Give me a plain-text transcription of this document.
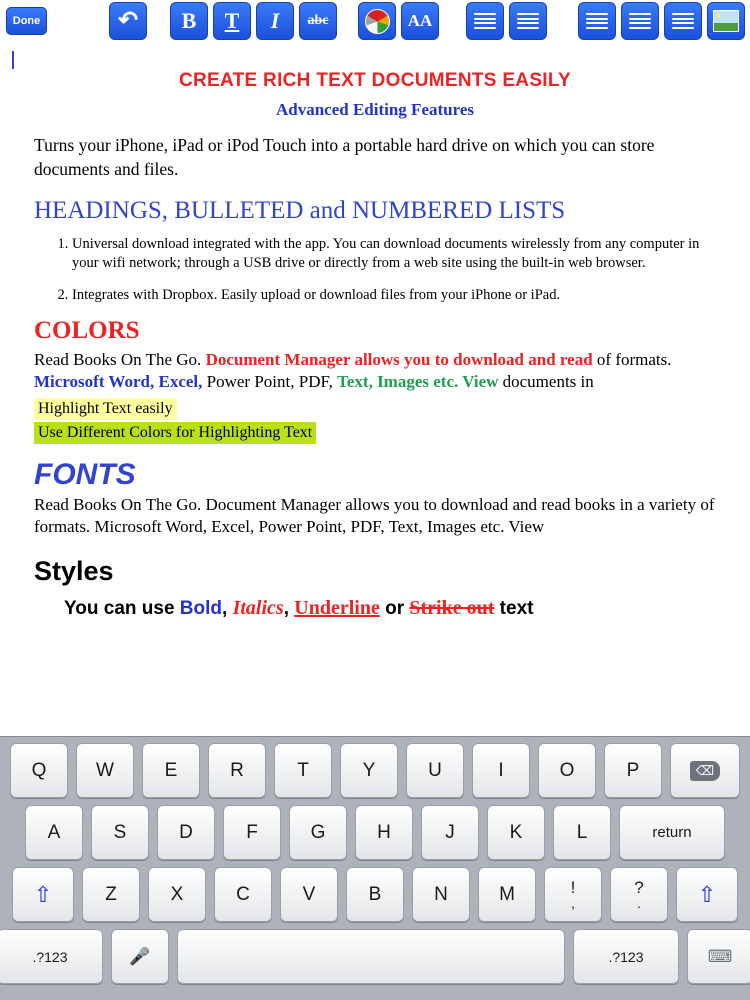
Done	↶ B T I abc	AA
CREATE RICH TEXT DOCUMENTS EASILY
Advanced Editing Features
Turns your iPhone, iPad or iPod Touch into a portable hard drive on which you can store documents and files.
HEADINGS, BULLETED and NUMBERED LISTS
1. Universal download integrated with the app. You can download documents wirelessly from any computer in your wifi network; through a USB drive or directly from a web site using the built-in web browser.
2. Integrates with Dropbox. Easily upload or download files from your iPhone or iPad.
COLORS
Read Books On The Go. Document Manager allows you to download and read of formats. Microsoft Word, Excel, Power Point, PDF, Text, Images etc. View documents in
Highlight Text easily
Use Different Colors for Highlighting Text
FONTS
Read Books On The Go. Document Manager allows you to download and read books in a variety of formats. Microsoft Word, Excel, Power Point, PDF, Text, Images etc. View
Styles
You can use Bold, Italics, Underline or Strike out text
Q	W	E	R	T	Y	U	I	O	P	⌫
A	S	D	F	G	H	J	K	L	return
⇧	Z	X	C	V	B	N	M	!
,
?
.	⇧
.?123	🎤	.?123	⌨
